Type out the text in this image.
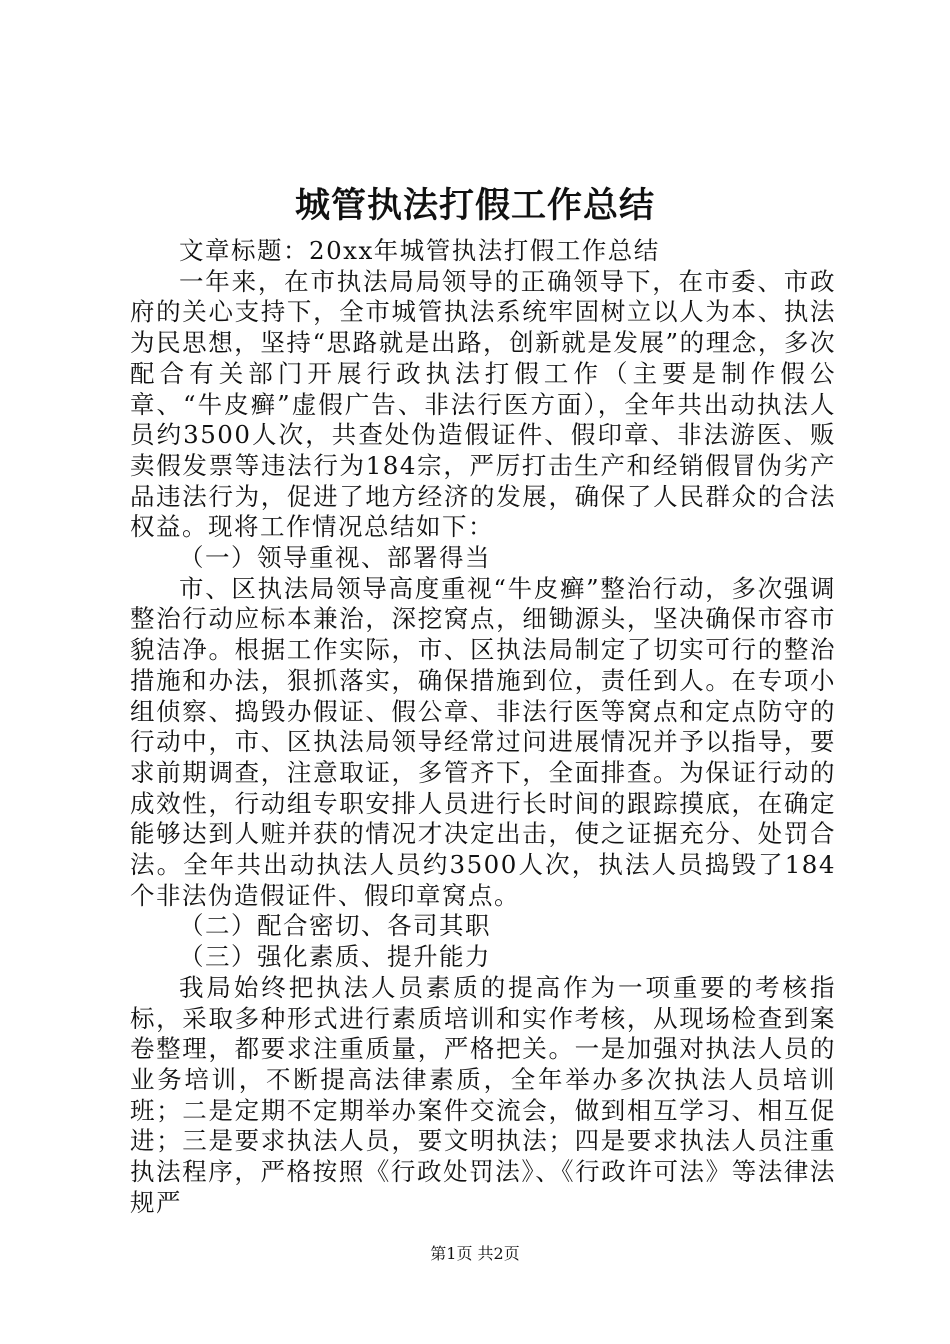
城管执法打假工作总结

文章标题：20xx年城管执法打假工作总结

一年来，在市执法局局领导的正确领导下，在市委、市政府的关心支持下，全市城管执法系统牢固树立以人为本、执法为民思想，坚持“思路就是出路，创新就是发展”的理念，多次配合有关部门开展行政执法打假工作（主要是制作假公章、“牛皮癣”虚假广告、非法行医方面），全年共出动执法人员约3500人次，共查处伪造假证件、假印章、非法游医、贩卖假发票等违法行为184宗，严厉打击生产和经销假冒伪劣产品违法行为，促进了地方经济的发展，确保了人民群众的合法权益。现将工作情况总结如下：

（一）领导重视、部署得当

市、区执法局领导高度重视“牛皮癣”整治行动，多次强调整治行动应标本兼治，深挖窝点，细锄源头，坚决确保市容市貌洁净。根据工作实际，市、区执法局制定了切实可行的整治措施和办法，狠抓落实，确保措施到位，责任到人。在专项小组侦察、捣毁办假证、假公章、非法行医等窝点和定点防守的行动中，市、区执法局领导经常过问进展情况并予以指导，要求前期调查，注意取证，多管齐下，全面排查。为保证行动的成效性，行动组专职安排人员进行长时间的跟踪摸底，在确定能够达到人赃并获的情况才决定出击，使之证据充分、处罚合法。全年共出动执法人员约3500人次，执法人员捣毁了184个非法伪造假证件、假印章窝点。

（二）配合密切、各司其职

（三）强化素质、提升能力

我局始终把执法人员素质的提高作为一项重要的考核指标，采取多种形式进行素质培训和实作考核，从现场检查到案卷整理，都要求注重质量，严格把关。一是加强对执法人员的业务培训，不断提高法律素质，全年举办多次执法人员培训班；二是定期不定期举办案件交流会，做到相互学习、相互促进；三是要求执法人员，要文明执法；四是要求执法人员注重执法程序，严格按照《行政处罚法》、《行政许可法》等法律法规严

第1页 共2页
